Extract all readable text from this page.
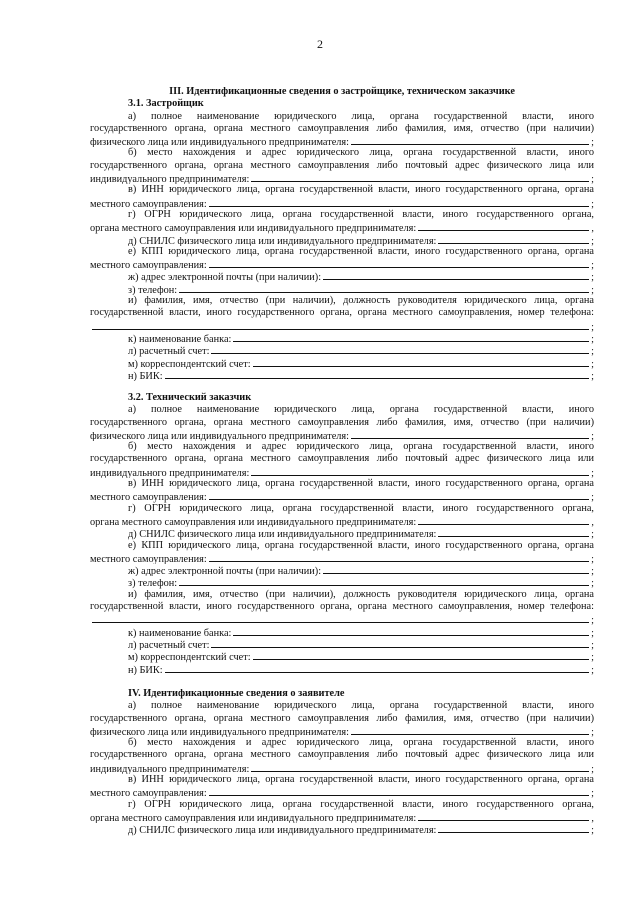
2
III. Идентификационные сведения о застройщике, техническом заказчике
3.1. Застройщик
а) полное наименование юридического лица, органа государственной власти, иного
государственного органа, органа местного самоуправления либо фамилия, имя, отчество (при наличии)
физического лица или индивидуального предпринимателя:	;
б) место нахождения и адрес юридического лица, органа государственной власти, иного
государственного органа, органа местного самоуправления либо почтовый адрес физического лица или
индивидуального предпринимателя:	;
в) ИНН юридического лица, органа государственной власти, иного государственного органа, органа
местного самоуправления:	;
г) ОГРН юридического лица, органа государственной власти, иного государственного органа,
органа местного самоуправления или индивидуального предпринимателя:	,
д) СНИЛС физического лица или индивидуального предпринимателя:	;
е) КПП юридического лица, органа государственной власти, иного государственного органа, органа
местного самоуправления:	;
ж) адрес электронной почты (при наличии):	;
з) телефон:	;
и) фамилия, имя, отчество (при наличии), должность руководителя юридического лица, органа
государственной власти, иного государственного органа, органа местного самоуправления, номер телефона:
;
к) наименование банка:	;
л) расчетный счет:	;
м) корреспондентский счет:	;
н) БИК:	;
3.2. Технический заказчик
а) полное наименование юридического лица, органа государственной власти, иного
государственного органа, органа местного самоуправления либо фамилия, имя, отчество (при наличии)
физического лица или индивидуального предпринимателя:	;
б) место нахождения и адрес юридического лица, органа государственной власти, иного
государственного органа, органа местного самоуправления либо почтовый адрес физического лица или
индивидуального предпринимателя:	;
в) ИНН юридического лица, органа государственной власти, иного государственного органа, органа
местного самоуправления:	;
г) ОГРН юридического лица, органа государственной власти, иного государственного органа,
органа местного самоуправления или индивидуального предпринимателя:	,
д) СНИЛС физического лица или индивидуального предпринимателя:	;
е) КПП юридического лица, органа государственной власти, иного государственного органа, органа
местного самоуправления:	;
ж) адрес электронной почты (при наличии):	;
з) телефон:	;
и) фамилия, имя, отчество (при наличии), должность руководителя юридического лица, органа
государственной власти, иного государственного органа, органа местного самоуправления, номер телефона:
;
к) наименование банка:	;
л) расчетный счет:	;
м) корреспондентский счет:	;
н) БИК:	;
IV. Идентификационные сведения о заявителе
а) полное наименование юридического лица, органа государственной власти, иного
государственного органа, органа местного самоуправления либо фамилия, имя, отчество (при наличии)
физического лица или индивидуального предпринимателя:	;
б) место нахождения и адрес юридического лица, органа государственной власти, иного
государственного органа, органа местного самоуправления либо почтовый адрес физического лица или
индивидуального предпринимателя:	;
в) ИНН юридического лица, органа государственной власти, иного государственного органа, органа
местного самоуправления:	;
г) ОГРН юридического лица, органа государственной власти, иного государственного органа,
органа местного самоуправления или индивидуального предпринимателя:	,
д) СНИЛС физического лица или индивидуального предпринимателя:	;
